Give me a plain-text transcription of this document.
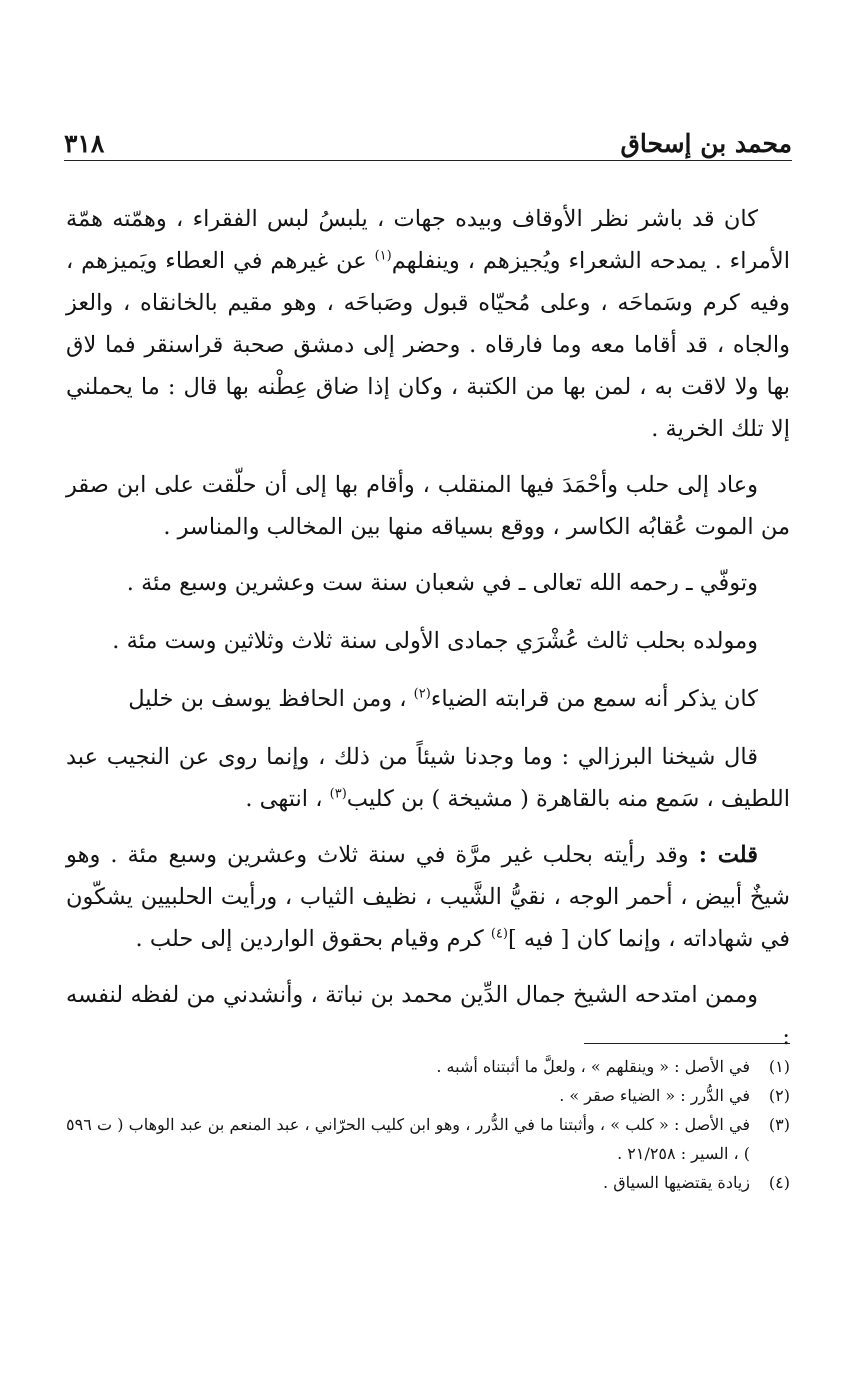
محمد بن إسحاق
٣١٨

كان قد باشر نظر الأوقاف وبيده جهات ، يلبسُ لبس الفقراء ، وهمّته همّة الأمراء . يمدحه الشعراء ويُجيزهم ، وينفلهم$^{(١)}$ عن غيرهم في العطاء ويَميزهم ، وفيه كرم وسَماحَه ، وعلى مُحيّاه قبول وصَباحَه ، وهو مقيم بالخانقاه ، والعز والجاه ، قد أقاما معه وما فارقاه . وحضر إلى دمشق صحبة قراسنقر فما لاق بها ولا لاقت به ، لمن بها من الكتبة ، وكان إذا ضاق عِطْنه بها قال : ما يحملني إلا تلك الخرية .

وعاد إلى حلب وأحْمَدَ فيها المنقلب ، وأقام بها إلى أن حلّقت على ابن صقر من الموت عُقابُه الكاسر ، ووقع بسياقه منها بين المخالب والمناسر .

وتوفّي ـ رحمه الله تعالى ـ في شعبان سنة ست وعشرين وسبع مئة .

ومولده بحلب ثالث عُشْرَي جمادى الأولى سنة ثلاث وثلاثين وست مئة .

كان يذكر أنه سمع من قرابته الضياء$^{(٢)}$ ، ومن الحافظ يوسف بن خليل

قال شيخنا البرزالي : وما وجدنا شيئاً من ذلك ، وإنما روى عن النجيب عبد اللطيف ، سَمع منه بالقاهرة ( مشيخة ) بن كليب$^{(٣)}$ ، انتهى .

قلت : وقد رأيته بحلب غير مرَّة في سنة ثلاث وعشرين وسبع مئة . وهو شيخٌ أبيض ، أحمر الوجه ، نقيُّ الشَّيب ، نظيف الثياب ، ورأيت الحلبيين يشكّون في شهاداته ، وإنما كان [ فيه ]$^{(٤)}$ كرم وقيام بحقوق الواردين إلى حلب .

وممن امتدحه الشيخ جمال الدِّين محمد بن نباتة ، وأنشدني من لفظه لنفسه :

(١)
في الأصل : « وينقلهم » ، ولعلَّ ما أثبتناه أشبه .
(٢)
في الدُّرر : « الضياء صقر » .
(٣)
في الأصل : « كلب » ، وأثبتنا ما في الدُّرر ، وهو ابن كليب الحرّاني ، عبد المنعم بن عبد الوهاب ( ت ٥٩٦ ) ، السير : ٢١/٢٥٨ .
(٤)
زيادة يقتضيها السياق .
